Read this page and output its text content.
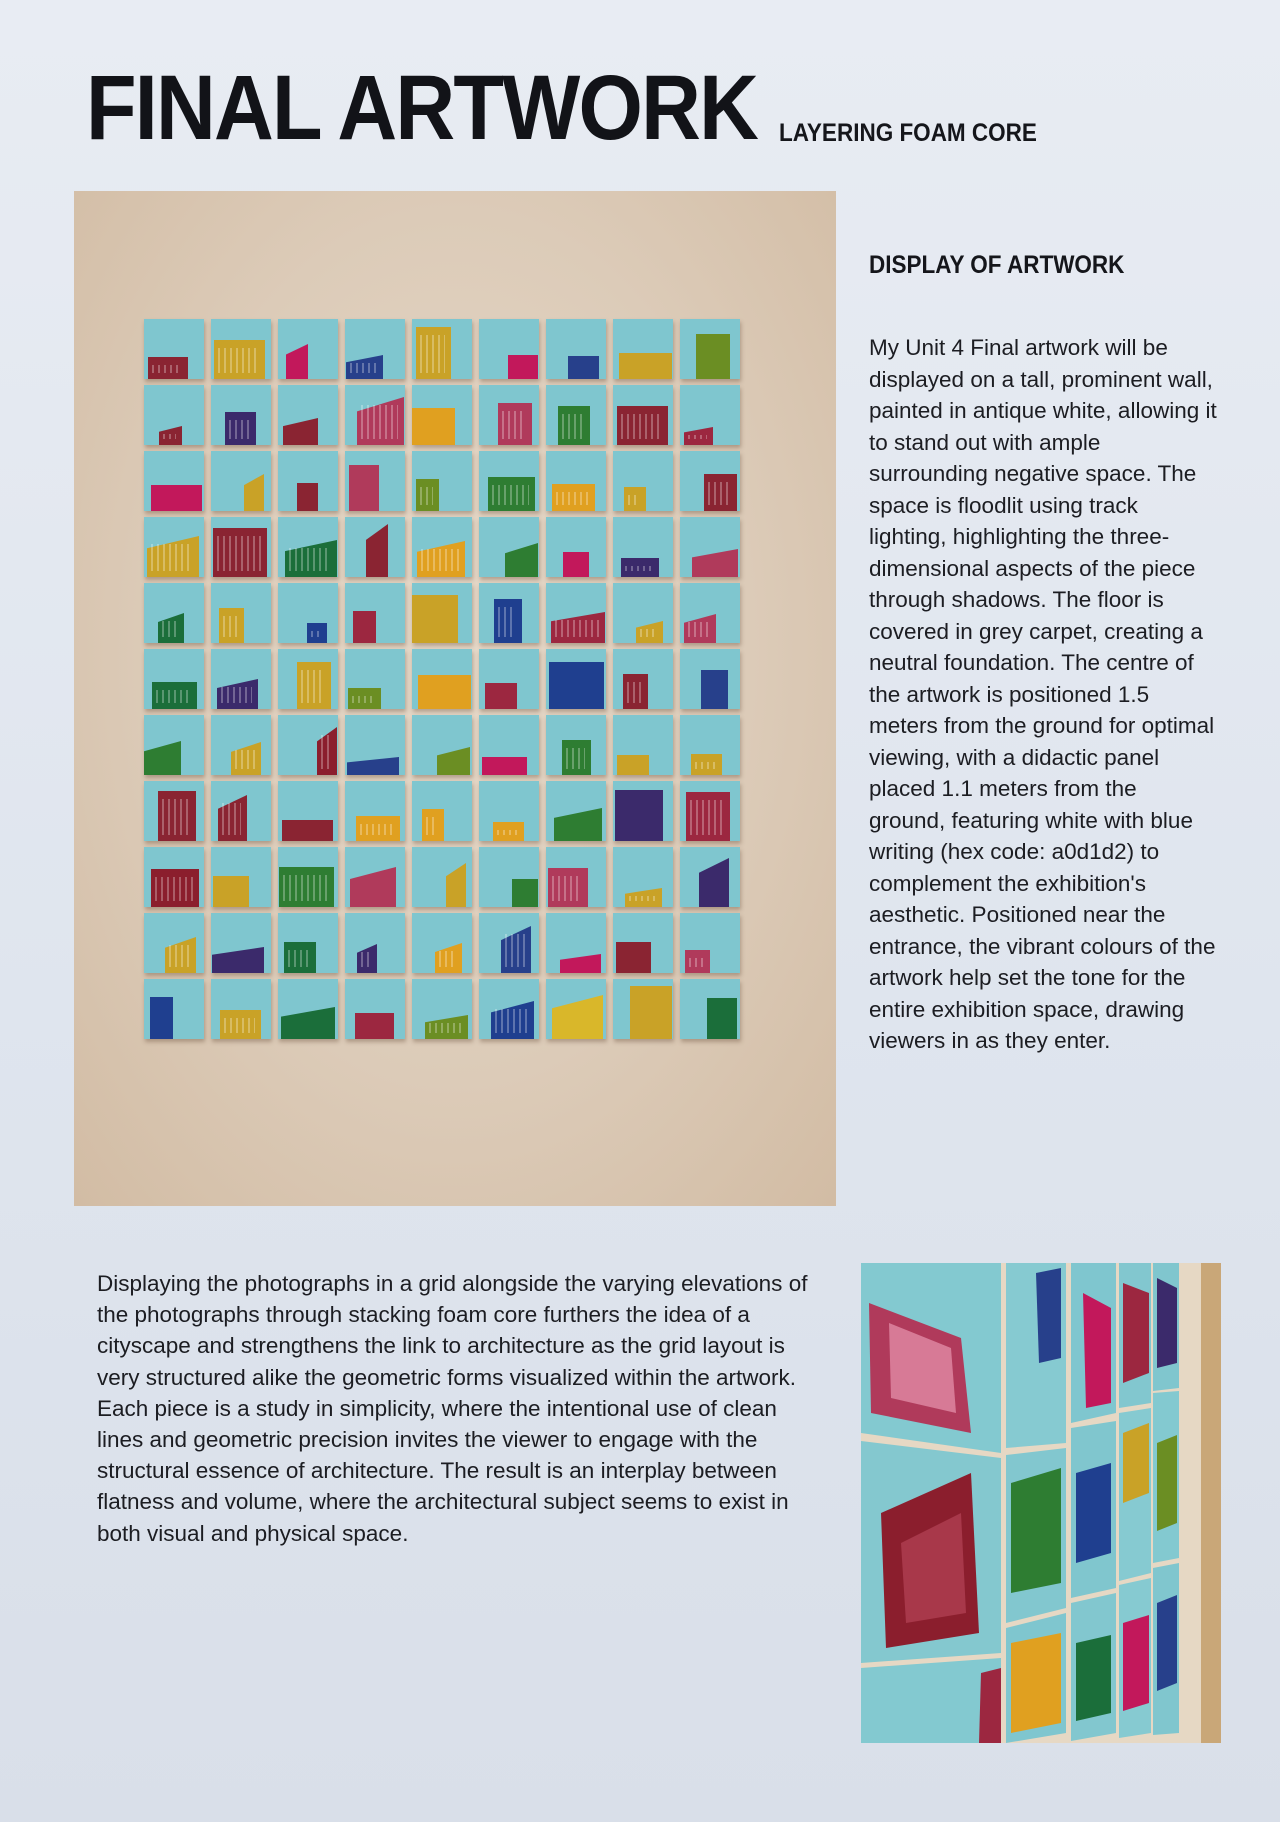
FINAL ARTWORK LAYERING FOAM CORE
DISPLAY OF ARTWORK

My Unit 4 Final artwork will be displayed on a tall, prominent wall, painted in antique white, allowing it to stand out with ample surrounding negative space. The space is floodlit using track lighting, highlighting the three-dimensional aspects of the piece through shadows. The floor is covered in grey carpet, creating a neutral foundation. The centre of the artwork is positioned 1.5 meters from the ground for optimal viewing, with a didactic panel placed 1.1 meters from the ground, featuring white with blue writing (hex code: a0d1d2) to complement the exhibition's aesthetic. Positioned near the entrance, the vibrant colours of the artwork help set the tone for the entire exhibition space, drawing viewers in as they enter.

Displaying the photographs in a grid alongside the varying elevations of the photographs through stacking foam core furthers the idea of a cityscape and strengthens the link to architecture as the grid layout is very structured alike the geometric forms visualized within the artwork. Each piece is a study in simplicity, where the intentional use of clean lines and geometric precision invites the viewer to engage with the structural essence of architecture. The result is an interplay between flatness and volume, where the architectural subject seems to exist in both visual and physical space.
